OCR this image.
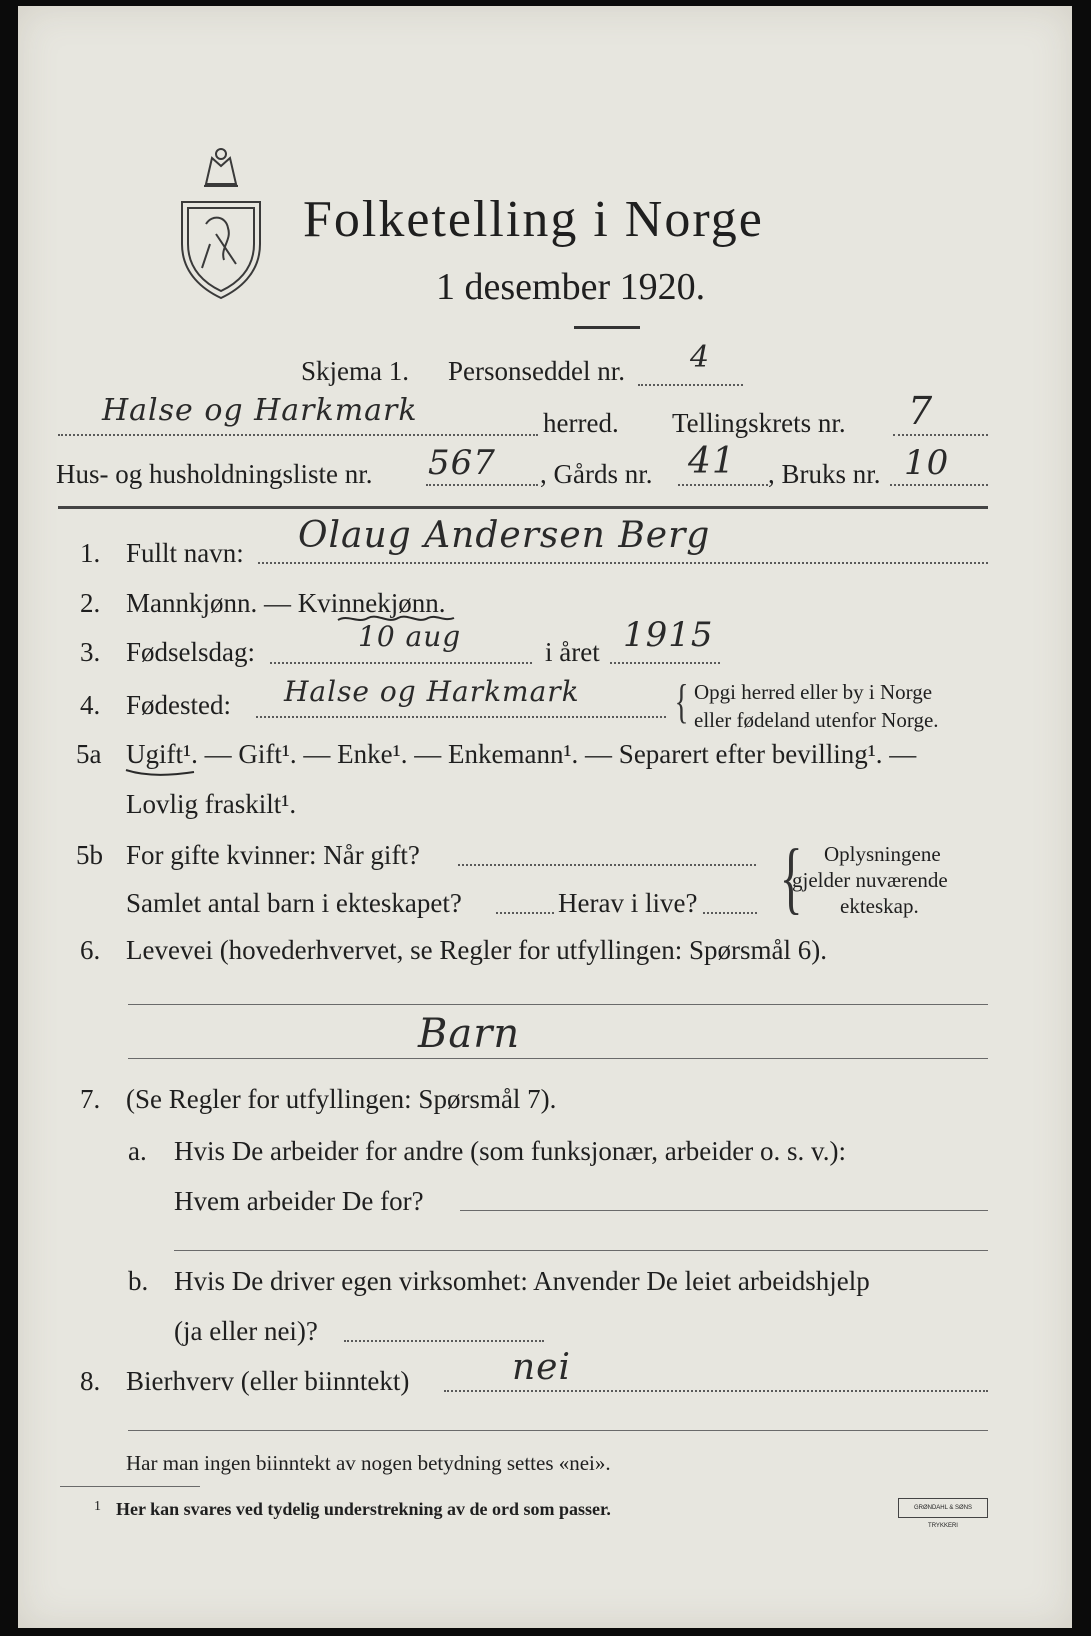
Folketelling i Norge
1 desember 1920.
Skjema 1. Personseddel nr. 4
Halse og Harkmark	herred. Tellingskrets nr. 7
Hus- og husholdningsliste nr. 567 , Gårds nr. 41 , Bruks nr. 10
1. Fullt navn: Olaug Andersen Berg
2. Mannkjønn. — Kvinnekjønn.
3. Fødselsdag:	10 aug	i året 1915
4. Fødested: Halse og Harkmark { Opgi herred eller by i Norge
eller fødeland utenfor Norge.
5a Ugift¹. — Gift¹. — Enke¹. — Enkemann¹. — Separert efter bevilling¹. —
Lovlig fraskilt¹.
5b For gifte kvinner: Når gift?
Samlet antal barn i ekteskapet?	Herav i live? { Oplysningene
gjelder nuværende
ekteskap.
6. Levevei (hovederhvervet, se Regler for utfyllingen: Spørsmål 6).
Barn
7. (Se Regler for utfyllingen: Spørsmål 7).
a. Hvis De arbeider for andre (som funksjonær, arbeider o. s. v.):
Hvem arbeider De for?
b. Hvis De driver egen virksomhet: Anvender De leiet arbeidshjelp
(ja eller nei)?
8. Bierhverv (eller biinntekt)	nei
Har man ingen biinntekt av nogen betydning settes «nei».
1 Her kan svares ved tydelig understrekning av de ord som passer.	GRØNDAHL & SØNS TRYKKERI
